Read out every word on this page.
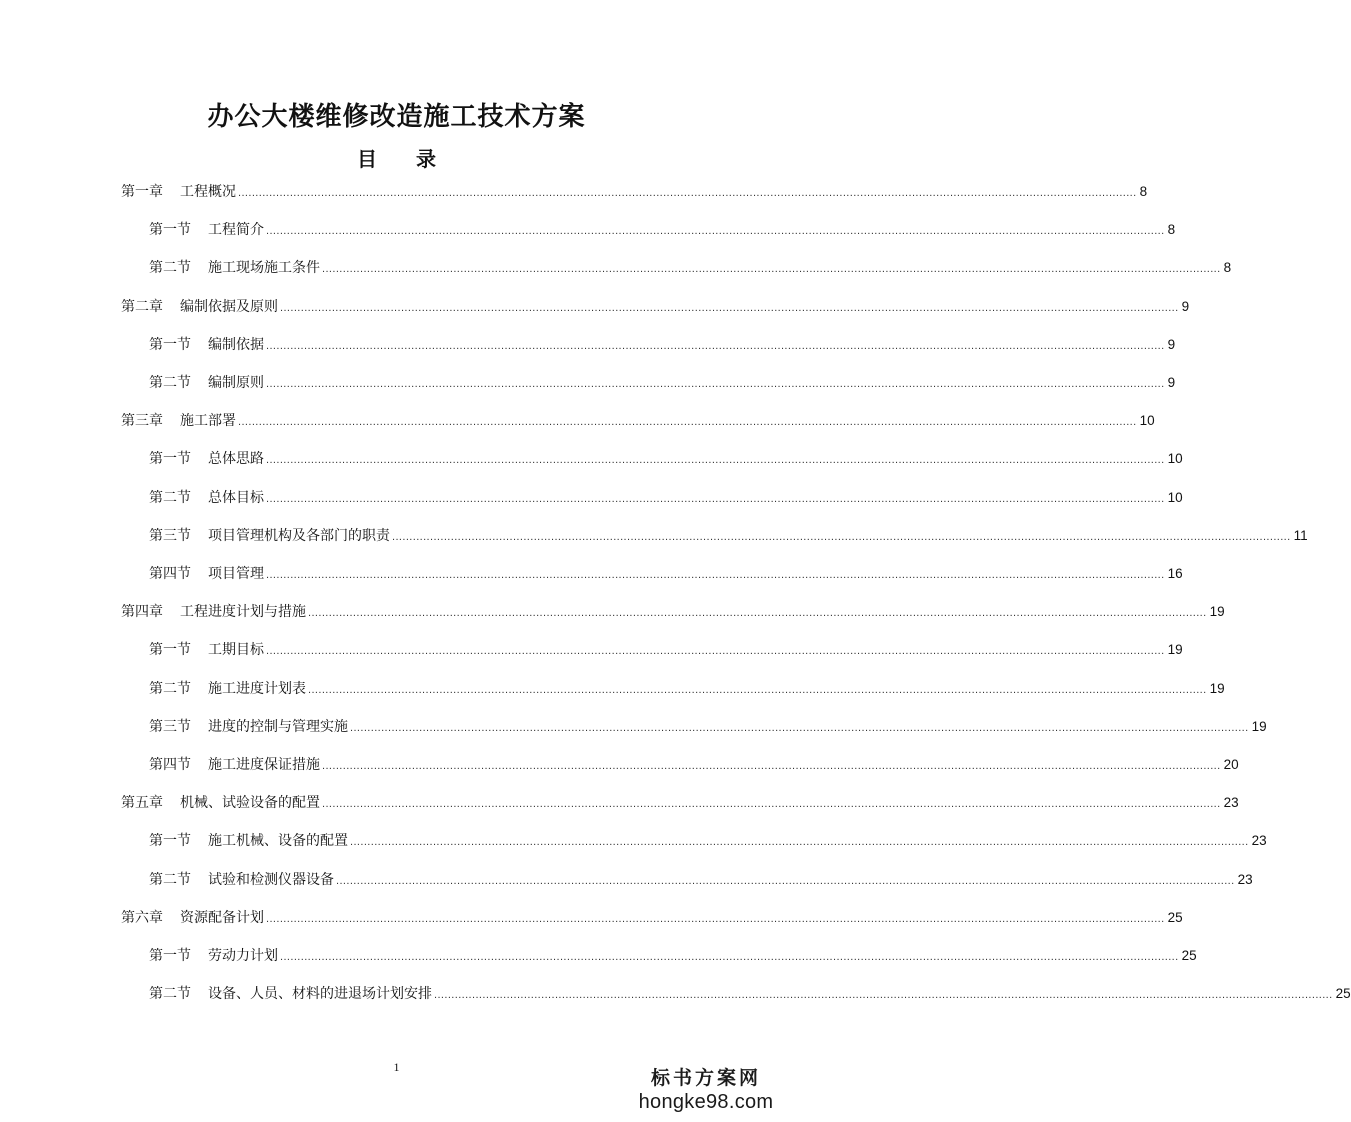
办公大楼维修改造施工技术方案
目 录
第一章 工程概况 .................................................................................................................................................................................................................................................................... 8
第一节 工程简介 .................................................................................................................................................................................................................................................................... 8
第二节 施工现场施工条件 .................................................................................................................................................................................................................................................................... 8
第二章 编制依据及原则 .................................................................................................................................................................................................................................................................... 9
第一节 编制依据 .................................................................................................................................................................................................................................................................... 9
第二节 编制原则 .................................................................................................................................................................................................................................................................... 9
第三章 施工部署 .................................................................................................................................................................................................................................................................... 10
第一节 总体思路 .................................................................................................................................................................................................................................................................... 10
第二节 总体目标 .................................................................................................................................................................................................................................................................... 10
第三节 项目管理机构及各部门的职责 .................................................................................................................................................................................................................................................................... 11
第四节 项目管理 .................................................................................................................................................................................................................................................................... 16
第四章 工程进度计划与措施 .................................................................................................................................................................................................................................................................... 19
第一节 工期目标 .................................................................................................................................................................................................................................................................... 19
第二节 施工进度计划表 .................................................................................................................................................................................................................................................................... 19
第三节 进度的控制与管理实施 .................................................................................................................................................................................................................................................................... 19
第四节 施工进度保证措施 .................................................................................................................................................................................................................................................................... 20
第五章 机械、试验设备的配置 .................................................................................................................................................................................................................................................................... 23
第一节 施工机械、设备的配置 .................................................................................................................................................................................................................................................................... 23
第二节 试验和检测仪器设备 .................................................................................................................................................................................................................................................................... 23
第六章 资源配备计划 .................................................................................................................................................................................................................................................................... 25
第一节 劳动力计划 .................................................................................................................................................................................................................................................................... 25
第二节 设备、人员、材料的进退场计划安排 .................................................................................................................................................................................................................................................................... 25

1	标书方案网
hongke98.com
